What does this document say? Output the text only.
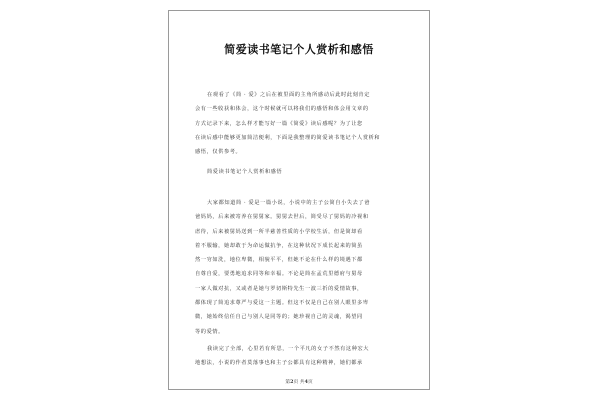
简爱读书笔记个人赏析和感悟
在观看了《简 · 爱》之后在被里面的主角所感动后此时此刻肯定
会有一些收获和体会，这个时候就可以将我们的感悟和体会用文章的
方式记录下来，怎么样才能写好一篇《简爱》读后感呢？为了让您
在读后感中能够更加简洁便利，下面是我整理的简爱读书笔记个人赏析和
感悟，仅供参考。
简爱读书笔记个人赏析和感悟
大家都知道简 · 爱是一篇小说，小说中的主子公简自小失去了爸
爸妈妈，后来被寄养在舅舅家。舅舅去世后，简受尽了舅妈的冷视和
虐待，后来被舅妈送到一所半慈善性质的小学校生活，但是简却看
着不服输，她却敢于为命运做抗争，在这种状况下成长起来的简虽
然一穷如洗，地位卑微，相貌平平，但她不论在什么样的境遇下都
自尊自爱，要勇地追求同等和幸福。不论是简在孟荒里德府与舅母
一家人做对抗，又或者是她与罗切斯特先生一波三折的爱情故事，
都体现了简追求尊严与爱这一主题。但这不仅是自己在别人眼里多卑
微，她始终信任自己与别人是同等的；她珍视自己的灵魂，渴望同
等的爱情。
我读完了全部，心里若有所思，一个平凡的女子不然有这种宏大
地想法，小说的作者莫落事也和主子公都具有这种精神，她们都承
第2页 共4页
